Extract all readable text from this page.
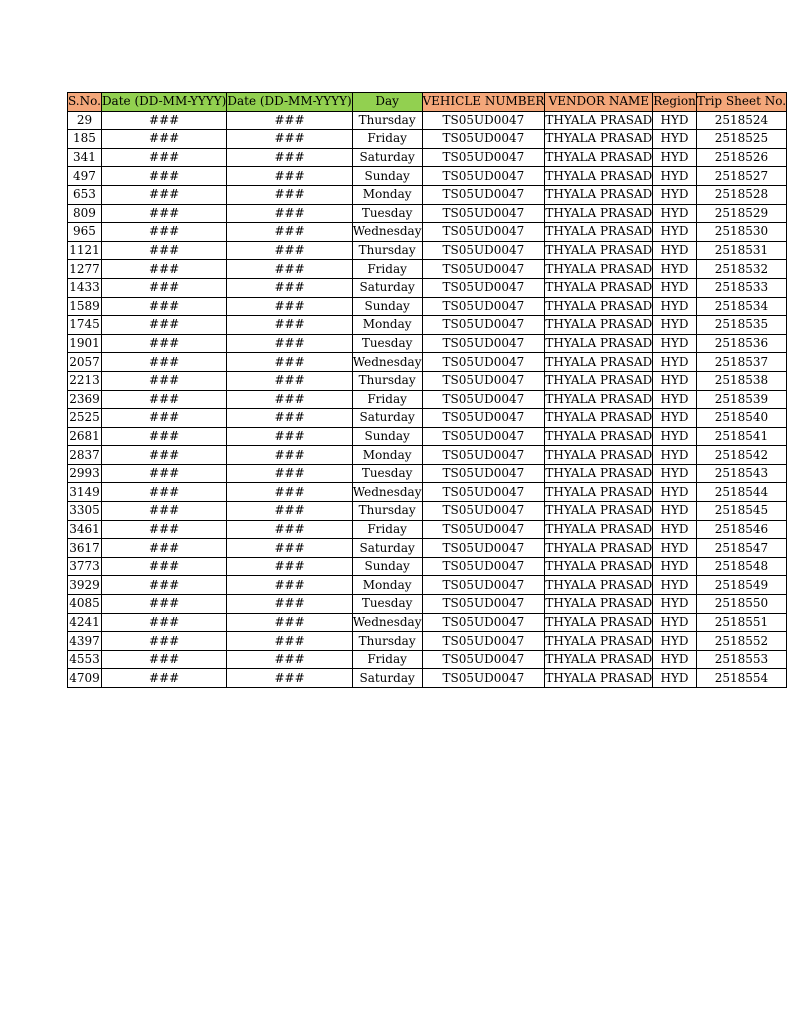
S.No.	Date (DD-MM-YYYY)	Date (DD-MM-YYYY)	Day	VEHICLE NUMBER	VENDOR NAME	Region	Trip Sheet No.

29	###	###	Thursday	TS05UD0047	THYALA PRASAD	HYD	2518524
185	###	###	Friday	TS05UD0047	THYALA PRASAD	HYD	2518525
341	###	###	Saturday	TS05UD0047	THYALA PRASAD	HYD	2518526
497	###	###	Sunday	TS05UD0047	THYALA PRASAD	HYD	2518527
653	###	###	Monday	TS05UD0047	THYALA PRASAD	HYD	2518528
809	###	###	Tuesday	TS05UD0047	THYALA PRASAD	HYD	2518529
965	###	###	Wednesday	TS05UD0047	THYALA PRASAD	HYD	2518530
1121	###	###	Thursday	TS05UD0047	THYALA PRASAD	HYD	2518531
1277	###	###	Friday	TS05UD0047	THYALA PRASAD	HYD	2518532
1433	###	###	Saturday	TS05UD0047	THYALA PRASAD	HYD	2518533
1589	###	###	Sunday	TS05UD0047	THYALA PRASAD	HYD	2518534
1745	###	###	Monday	TS05UD0047	THYALA PRASAD	HYD	2518535
1901	###	###	Tuesday	TS05UD0047	THYALA PRASAD	HYD	2518536
2057	###	###	Wednesday	TS05UD0047	THYALA PRASAD	HYD	2518537
2213	###	###	Thursday	TS05UD0047	THYALA PRASAD	HYD	2518538
2369	###	###	Friday	TS05UD0047	THYALA PRASAD	HYD	2518539
2525	###	###	Saturday	TS05UD0047	THYALA PRASAD	HYD	2518540
2681	###	###	Sunday	TS05UD0047	THYALA PRASAD	HYD	2518541
2837	###	###	Monday	TS05UD0047	THYALA PRASAD	HYD	2518542
2993	###	###	Tuesday	TS05UD0047	THYALA PRASAD	HYD	2518543
3149	###	###	Wednesday	TS05UD0047	THYALA PRASAD	HYD	2518544
3305	###	###	Thursday	TS05UD0047	THYALA PRASAD	HYD	2518545
3461	###	###	Friday	TS05UD0047	THYALA PRASAD	HYD	2518546
3617	###	###	Saturday	TS05UD0047	THYALA PRASAD	HYD	2518547
3773	###	###	Sunday	TS05UD0047	THYALA PRASAD	HYD	2518548
3929	###	###	Monday	TS05UD0047	THYALA PRASAD	HYD	2518549
4085	###	###	Tuesday	TS05UD0047	THYALA PRASAD	HYD	2518550
4241	###	###	Wednesday	TS05UD0047	THYALA PRASAD	HYD	2518551
4397	###	###	Thursday	TS05UD0047	THYALA PRASAD	HYD	2518552
4553	###	###	Friday	TS05UD0047	THYALA PRASAD	HYD	2518553
4709	###	###	Saturday	TS05UD0047	THYALA PRASAD	HYD	2518554
